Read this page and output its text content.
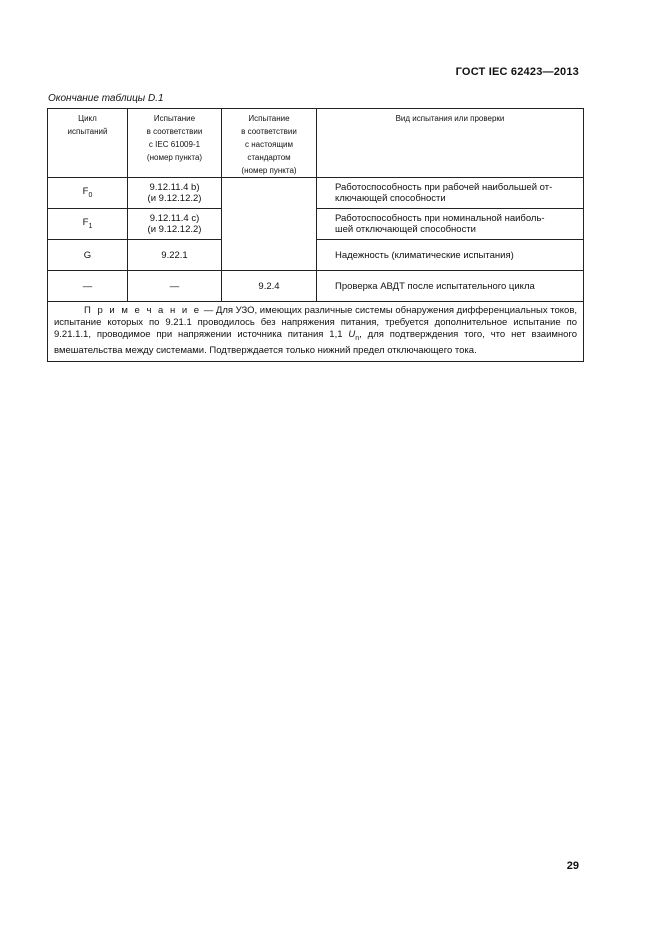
ГОСТ IEC 62423—2013
Окончание таблицы D.1
Цикл
испытаний	Испытание
в соответствии
с IEC 61009-1
(номер пункта)	Испытание
в соответствии
с настоящим
стандартом
(номер пункта)	Вид испытания или проверки
$F_0$	9.12.11.4 b)
(и 9.12.12.2)		Работоспособность при рабочей наибольшей от-
ключающей способности

$F_1$	9.12.11.4 c)
(и 9.12.12.2)		Работоспособность при номинальной наиболь-
шей отключающей способности

G	9.22.1		Надежность (климатические испытания)
—	—	9.2.4	Проверка АВДТ после испытательного цикла
П р и м е ч а н и е — Для УЗО, имеющих различные системы обнаружения дифференциальных токов, испытание которых по 9.21.1 проводилось без напряжения питания, требуется дополнительное испытание по 9.21.1.1, проводимое при напряжении источника питания 1,1 $U_n$, для подтверждения того, что нет взаимного вмешательства между системами. Подтверждается только нижний предел отключающего тока.			
29
